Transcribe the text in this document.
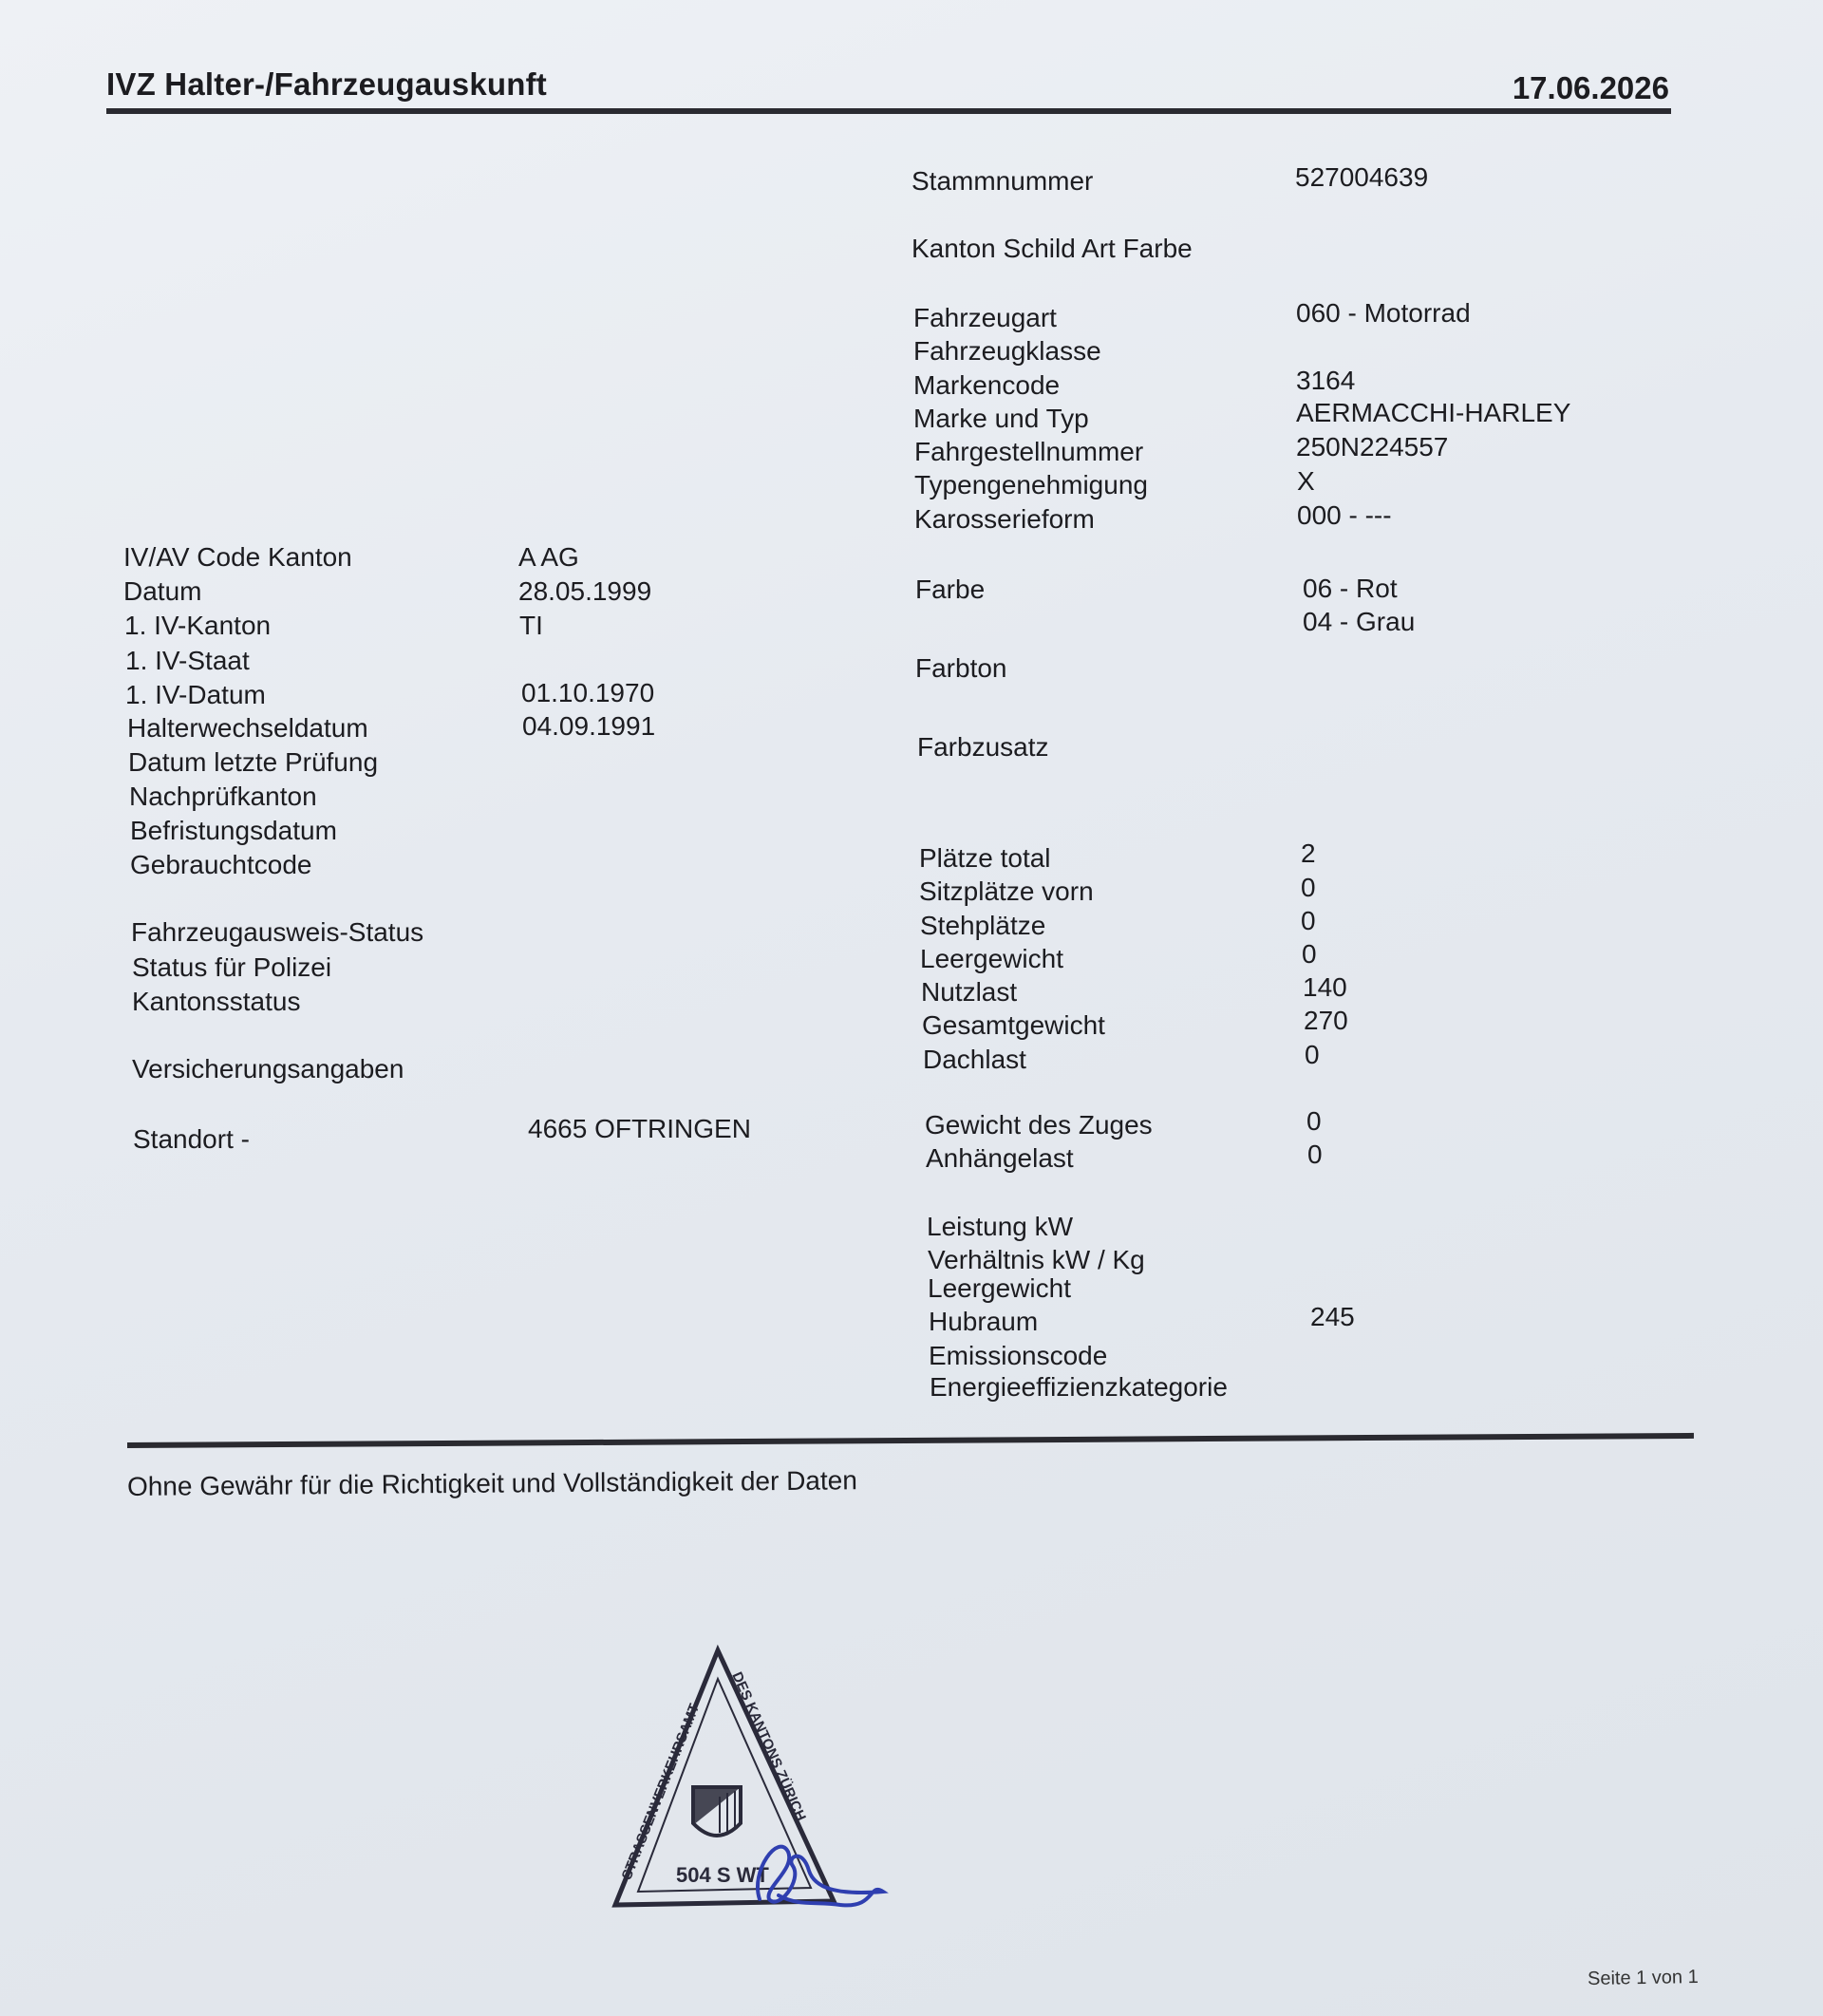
IVZ Halter-/Fahrzeugauskunft	17.06.2026
Stammnummer	527004639
Kanton Schild Art Farbe
Fahrzeugart	060 - Motorrad
Fahrzeugklasse
Markencode	3164
Marke und Typ	AERMACCHI-HARLEY
Fahrgestellnummer	250N224557
Typengenehmigung	X
Karosserieform	000 - ---
Farbe	06 - Rot
04 - Grau
Farbton
Farbzusatz
Plätze total	2
Sitzplätze vorn	0
Stehplätze	0
Leergewicht	0
Nutzlast	140
Gesamtgewicht	270
Dachlast	0
Gewicht des Zuges	0
Anhängelast	0
Leistung kW
Verhältnis kW / Kg
Leergewicht
Hubraum	245
Emissionscode
Energieeffizienzkategorie
IV/AV Code Kanton	A AG
Datum	28.05.1999
1. IV-Kanton	TI
1. IV-Staat
1. IV-Datum	01.10.1970
Halterwechseldatum	04.09.1991
Datum letzte Prüfung
Nachprüfkanton
Befristungsdatum
Gebrauchtcode
Fahrzeugausweis-Status
Status für Polizei
Kantonsstatus
Versicherungsangaben
Standort -	4665 OFTRINGEN
Ohne Gewähr für die Richtigkeit und Vollständigkeit der Daten
STRASSENVERKEHRSAMT
DES KANTONS ZÜRICH
504 S WT
Seite 1 von 1
